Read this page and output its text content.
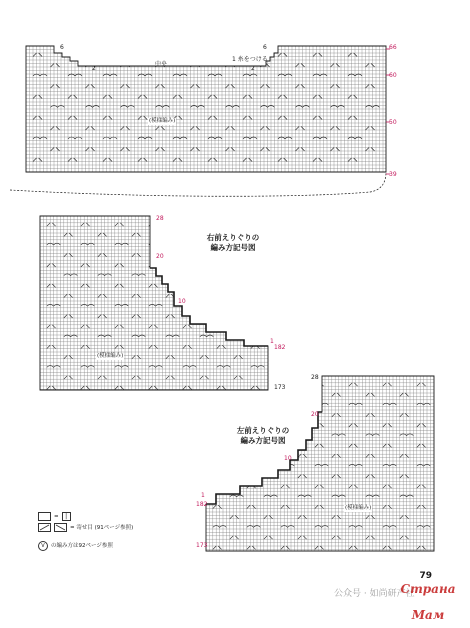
6
2
6
2
中央
1 糸をつける
(模様編み)
66
60
50
39
28
20
10
1
182
173
右前えりぐりの
編み方記号図
(模様編み)
28
20
10
1
182
173
左前えりぐりの
編み方記号図
(模様編み)
=	|
= 寄せ目 (91ページ参照)
V	の編み方は92ページ参照
79
公众号 · 如尚研产社
Страна Мам
